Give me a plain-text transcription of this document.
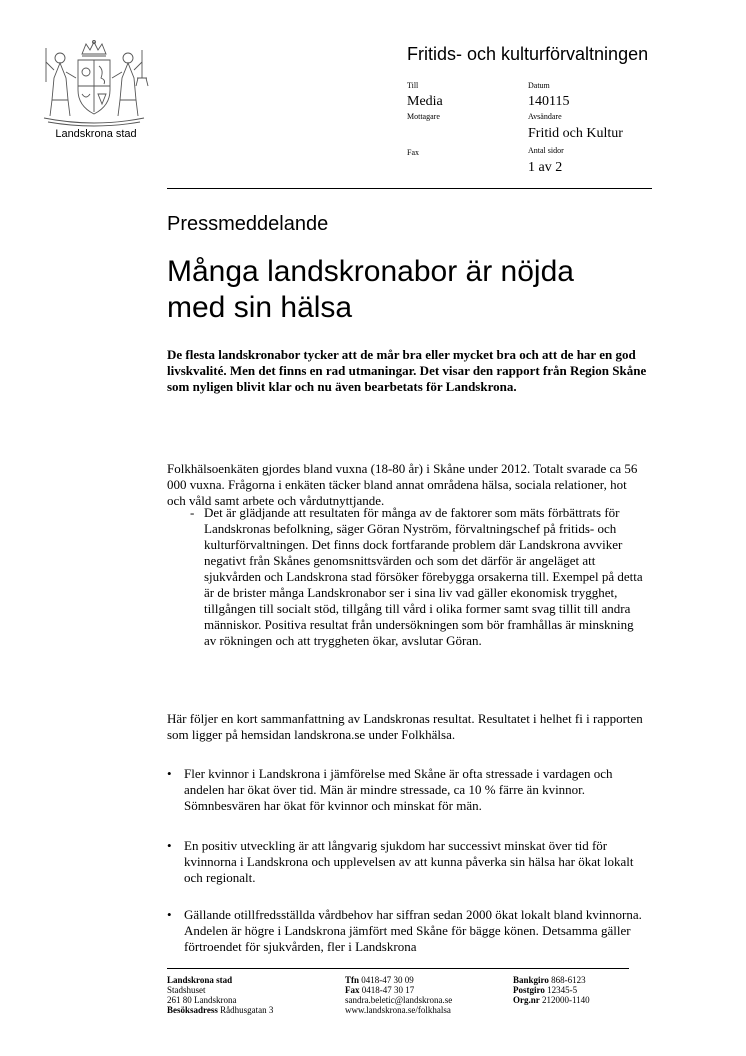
Landskrona stad
Fritids- och kulturförvaltningen
Till
Media
Mottagare
Fax
Datum
140115
Avsändare
Fritid och Kultur
Antal sidor
1 av 2
Pressmeddelande
Många landskronabor är nöjda med sin hälsa
De flesta landskronabor tycker att de mår bra eller mycket bra och att de har en god livskvalité. Men det finns en rad utmaningar. Det visar den rapport från Region Skåne som nyligen blivit klar och nu även bearbetats för Landskrona.
Folkhälsoenkäten gjordes bland vuxna (18-80 år) i Skåne under 2012. Totalt svarade ca 56 000 vuxna. Frågorna i enkäten täcker bland annat områdena hälsa, sociala relationer, hot och våld samt arbete och vårdutnyttjande.
- Det är glädjande att resultaten för många av de faktorer som mäts förbättrats för Landskronas befolkning, säger Göran Nyström, förvaltningschef på fritids- och kulturförvaltningen. Det finns dock fortfarande problem där Landskrona avviker negativt från Skånes genomsnittsvärden och som det därför är angeläget att sjukvården och Landskrona stad försöker förebygga orsakerna till. Exempel på detta är de brister många Landskronabor ser i sina liv vad gäller ekonomisk trygghet, tillgången till socialt stöd, tillgång till vård i olika former samt svag tillit till andra människor. Positiva resultat från undersökningen som bör framhållas är minskning av rökningen och att tryggheten ökar, avslutar Göran.
Här följer en kort sammanfattning av Landskronas resultat. Resultatet i helhet fi i rapporten som ligger på hemsidan landskrona.se under Folkhälsa.
• Fler kvinnor i Landskrona i jämförelse med Skåne är ofta stressade i vardagen och andelen har ökat över tid. Män är mindre stressade, ca 10 % färre än kvinnor. Sömnbesvären har ökat för kvinnor och minskat för män.
• En positiv utveckling är att långvarig sjukdom har successivt minskat över tid för kvinnorna i Landskrona och upplevelsen av att kunna påverka sin hälsa har ökat lokalt och regionalt.
• Gällande otillfredsställda vårdbehov har siffran sedan 2000 ökat lokalt bland kvinnorna. Andelen är högre i Landskrona jämfört med Skåne för bägge könen. Detsamma gäller förtroendet för sjukvården, fler i Landskrona
Landskrona stad
Stadshuset
261 80 Landskrona
Besöksadress Rådhusgatan 3
Tfn 0418-47 30 09
Fax 0418-47 30 17
sandra.beletic@landskrona.se
www.landskrona.se/folkhalsa
Bankgiro 868-6123
Postgiro 12345-5
Org.nr 212000-1140
